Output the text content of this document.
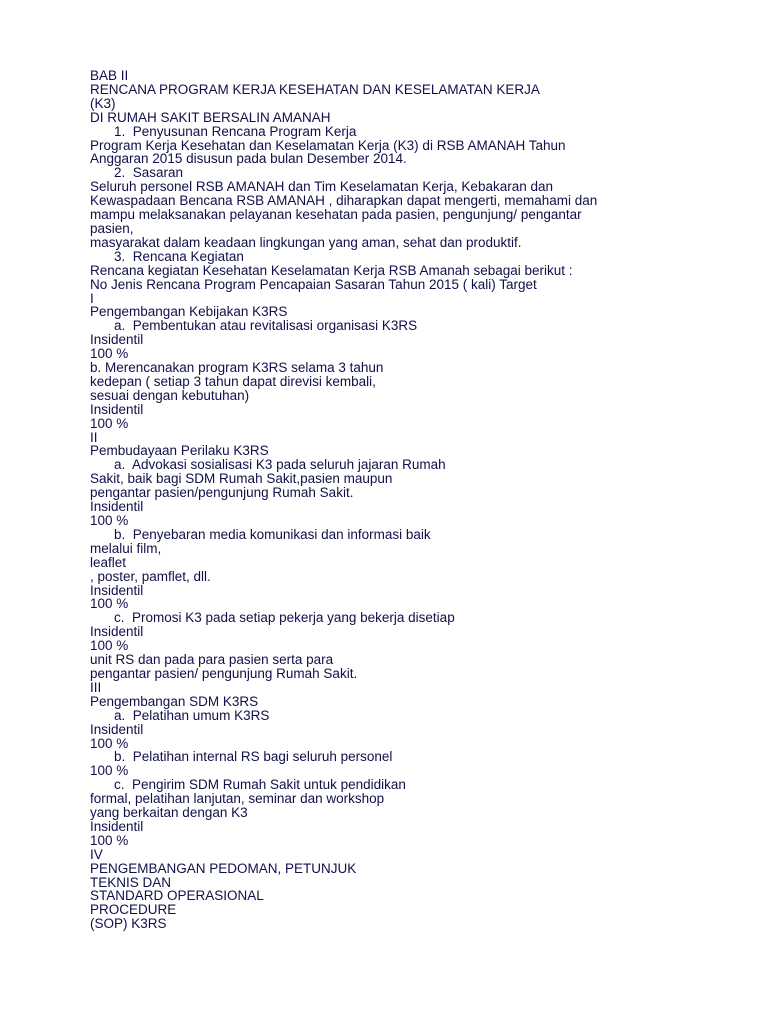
BAB II
RENCANA PROGRAM KERJA KESEHATAN DAN KESELAMATAN KERJA
(K3)
DI RUMAH SAKIT BERSALIN AMANAH
1.  Penyusunan Rencana Program Kerja
Program Kerja Kesehatan dan Keselamatan Kerja (K3) di RSB AMANAH Tahun
Anggaran 2015 disusun pada bulan Desember 2014.
2.  Sasaran
Seluruh personel RSB AMANAH dan Tim Keselamatan Kerja, Kebakaran dan
Kewaspadaan Bencana RSB AMANAH , diharapkan dapat mengerti, memahami dan
mampu melaksanakan pelayanan kesehatan pada pasien, pengunjung/ pengantar
pasien,
masyarakat dalam keadaan lingkungan yang aman, sehat dan produktif.
3.  Rencana Kegiatan
Rencana kegiatan Kesehatan Keselamatan Kerja RSB Amanah sebagai berikut :
No Jenis Rencana Program Pencapaian Sasaran Tahun 2015 ( kali) Target
I
Pengembangan Kebijakan K3RS
a.  Pembentukan atau revitalisasi organisasi K3RS
Insidentil
100 %
b. Merencanakan program K3RS selama 3 tahun
kedepan ( setiap 3 tahun dapat direvisi kembali,
sesuai dengan kebutuhan)
Insidentil
100 %
II
Pembudayaan Perilaku K3RS
a.  Advokasi sosialisasi K3 pada seluruh jajaran Rumah
Sakit, baik bagi SDM Rumah Sakit,pasien maupun
pengantar pasien/pengunjung Rumah Sakit.
Insidentil
100 %
b.  Penyebaran media komunikasi dan informasi baik
melalui film,
leaflet
, poster, pamflet, dll.
Insidentil
100 %
c.  Promosi K3 pada setiap pekerja yang bekerja disetiap
Insidentil
100 %
unit RS dan pada para pasien serta para
pengantar pasien/ pengunjung Rumah Sakit.
III
Pengembangan SDM K3RS
a.  Pelatihan umum K3RS
Insidentil
100 %
b.  Pelatihan internal RS bagi seluruh personel
100 %
c.  Pengirim SDM Rumah Sakit untuk pendidikan
formal, pelatihan lanjutan, seminar dan workshop
yang berkaitan dengan K3
Insidentil
100 %
IV
PENGEMBANGAN PEDOMAN, PETUNJUK
TEKNIS DAN
STANDARD OPERASIONAL
PROCEDURE
(SOP) K3RS
